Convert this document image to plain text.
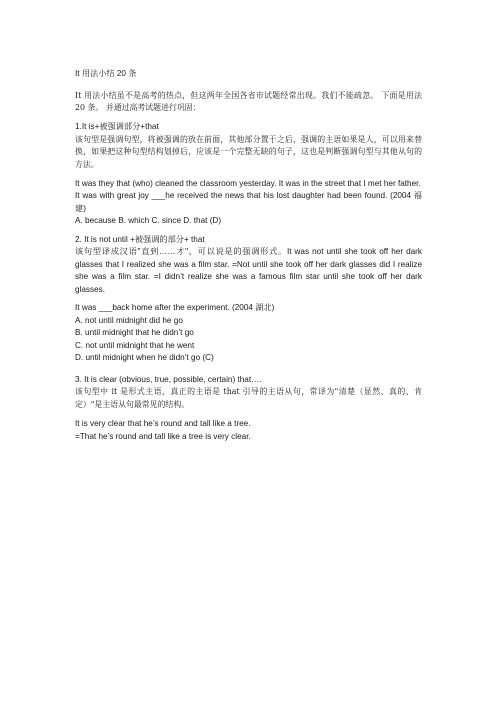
It 用法小结 20 条

It 用法小结虽不是高考的热点，但这两年全国各省市试题经常出现。我们不能疏忽。 下面是用法 20 条。 并通过高考试题进行巩固：

1.It is+被强调部分+that

该句型是强调句型，将被强调的放在前面，其他部分置于之后，强调的主语如果是人，可以用来替换，如果把这种句型结构划掉后，应该是一个完整无缺的句子，这也是判断强调句型与其他从句的方法。

It was they that (who) cleaned the classroom yesterday. It was in the street that I met her father.

It was with great joy ___he received the news that his lost daughter had been found. (2004 福建)

A. because B. which C. since D. that (D)

2. It is not until +被强调的部分+ that

该句型译成汉语"直到……才"，可以说是的强调形式。It was not until she took off her dark glasses that I realized she was a film star. =Not until she took off her dark glasses did I realize she was a film star. =I didn’t realize she was a famous film star until she took off her dark glasses.

It was ___back home after the experiment. (2004 湖北)

A. not until midnight did he go

B. until midnight that he didn’t go

C. not until midnight that he went

D. until midnight when he didn’t go (C)

3. It is clear (obvious, true, possible, certain) that….

该句型中 it 是形式主语，真正的主语是 that 引导的主语从句，常译为"清楚（显然、真的、肯定）"是主语从句最常见的结构。

It is very clear that he’s round and tall like a tree.

=That he’s round and tall like a tree is very clear.
